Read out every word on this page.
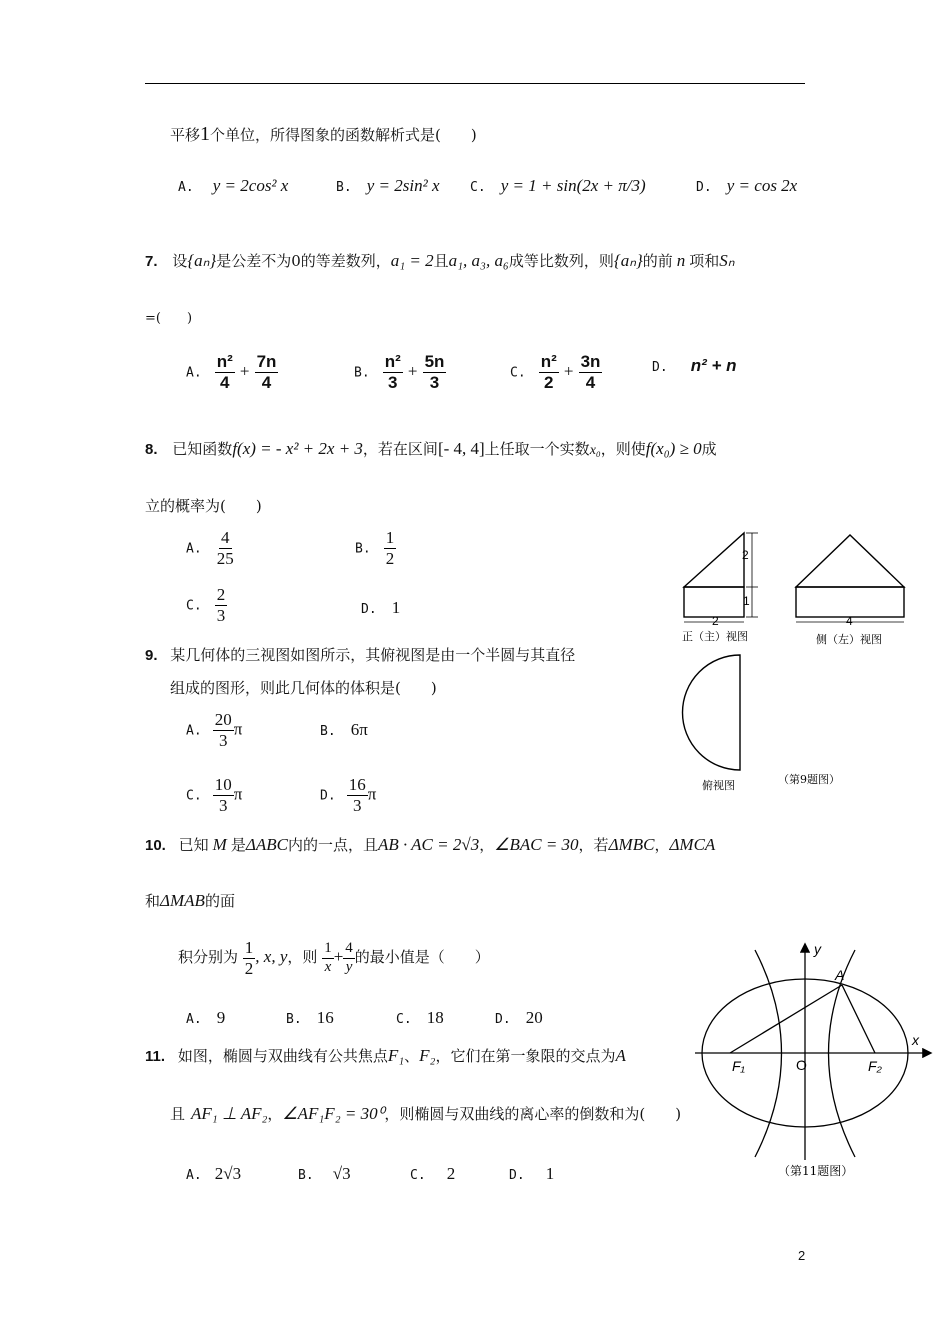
平移1个单位，所得图象的函数解析式是(　　)
A. y = 2cos² x	B. y = 2sin² x C. y = 1 + sin(2x + π/3)	D. y = cos 2x
7. 设{aₙ}是公差不为0的等差数列，a₁ = 2且a₁, a₃, a₆成等比数列，则{aₙ}的前 n 项和Sₙ
=(　　)
A. $\frac{\text{n²}}{4} + \frac{7n}{4}$	B. $\frac{\text{n²}}{3} + \frac{5n}{3}$	C. $\frac{\text{n²}}{2} + \frac{3n}{4}$	D. n² + n
8. 已知函数f(x) = - x² + 2x + 3，若在区间[- 4, 4]上任取一个实数x₀，则使f(x₀) ≥ 0成
立的概率为(　　)
A. $\frac{4}{25}$	B. $\frac{1}{2}$
C. $\frac{2}{3}$	D. 1
9. 某几何体的三视图如图所示，其俯视图是由一个半圆与其直径
组成的图形，则此几何体的体积是(　　)
A. $\frac{20}{3}$ π	B. 6π
C. $\frac{10}{3}$ π	D. $\frac{16}{3}$ π
2
1
2	4
正（主）视图	侧（左）视图
俯视图	（第9题图）
10. 已知 M 是ΔABC内的一点，且AB · AC = 2√3，∠BAC = 30，若ΔMBC，ΔMCA
和ΔMAB的面
积分别为 $\frac{1}{2}$ , x, y，则 $\frac{1}{x} + \frac{4}{y}$ 的最小值是（　　）
A. 9	B. 16	C. 18	D. 20
11. 如图，椭圆与双曲线有公共焦点F₁、F₂，它们在第一象限的交点为A
且 AF₁ ⊥ AF₂，∠AF₁F₂ = 30⁰，则椭圆与双曲线的离心率的倒数和为(　　)
A. 2√3	B. √3	C. 2	D. 1
y
x
A
O
F₁	F₂
（第11题图）
2
